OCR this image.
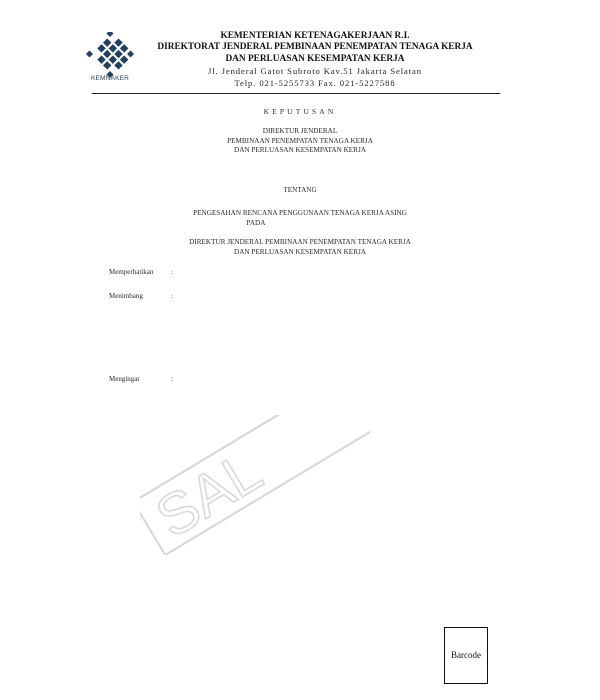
KEMNAKER
KEMENTERIAN KETENAGAKERJAAN R.I.
DIREKTORAT JENDERAL PEMBINAAN PENEMPATAN TENAGA KERJA
DAN PERLUASAN KESEMPATAN KERJA
Jl. Jenderal Gatot Subroto Kav.51 Jakarta Selatan
Telp. 021-5255733 Fax. 021-5227588
KEPUTUSAN
DIREKTUR JENDERAL
PEMBINAAN PENEMPATAN TENAGA KERJA
DAN PERLUASAN KESEMPATAN KERJA
TENTANG
PENGESAHAN RENCANA PENGGUNAAN TENAGA KERJA ASING
PADA
DIREKTUR JENDERAL PEMBINAAN PENEMPATAN TENAGA KERJA
DAN PERLUASAN KESEMPATAN KERJA
Memperhatikan	:
Menimbang	:
Mengingat	:
SAL
Barcode
